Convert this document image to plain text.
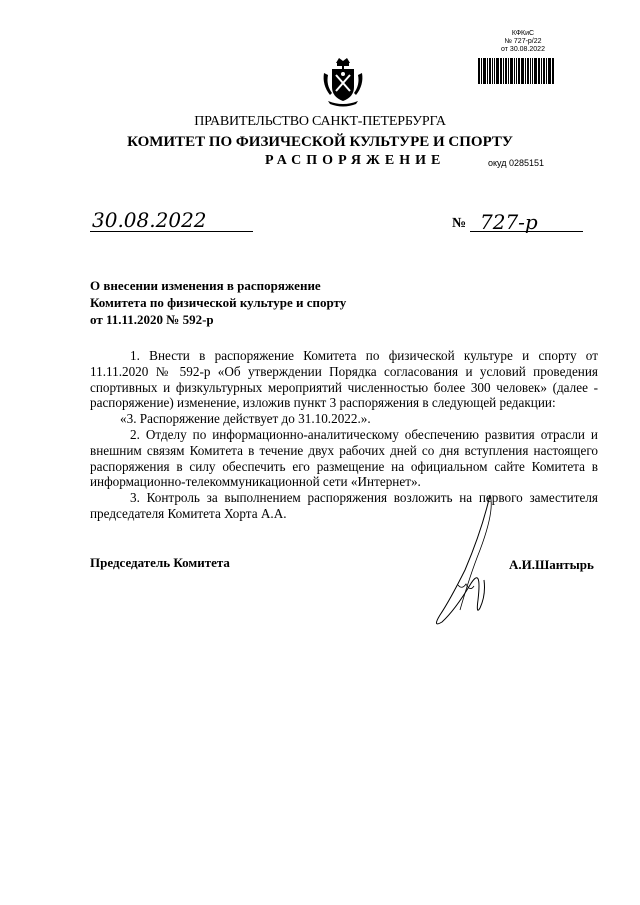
КФКиС
№ 727-р/22
от 30.08.2022
ПРАВИТЕЛЬСТВО САНКТ-ПЕТЕРБУРГА
КОМИТЕТ ПО ФИЗИЧЕСКОЙ КУЛЬТУРЕ И СПОРТУ
РАСПОРЯЖЕНИЕ	окуд 0285151
30.08.2022	№ 727-р
О внесении изменения в распоряжение
Комитета по физической культуре и спорту
от 11.11.2020 № 592-р

1. Внести в распоряжение Комитета по физической культуре и спорту от 11.11.2020 № 592-р «Об утверждении Порядка согласования и условий проведения спортивных и физкультурных мероприятий численностью более 300 человек» (далее - распоряжение) изменение, изложив пункт 3 распоряжения в следующей редакции:

«3. Распоряжение действует до 31.10.2022.».

2. Отделу по информационно-аналитическому обеспечению развития отрасли и внешним связям Комитета в течение двух рабочих дней со дня вступления настоящего распоряжения в силу обеспечить его размещение на официальном сайте Комитета в информационно-телекоммуникационной сети «Интернет».

3. Контроль за выполнением распоряжения возложить на первого заместителя председателя Комитета Хорта А.А.

Председатель Комитета	А.И.Шантырь
